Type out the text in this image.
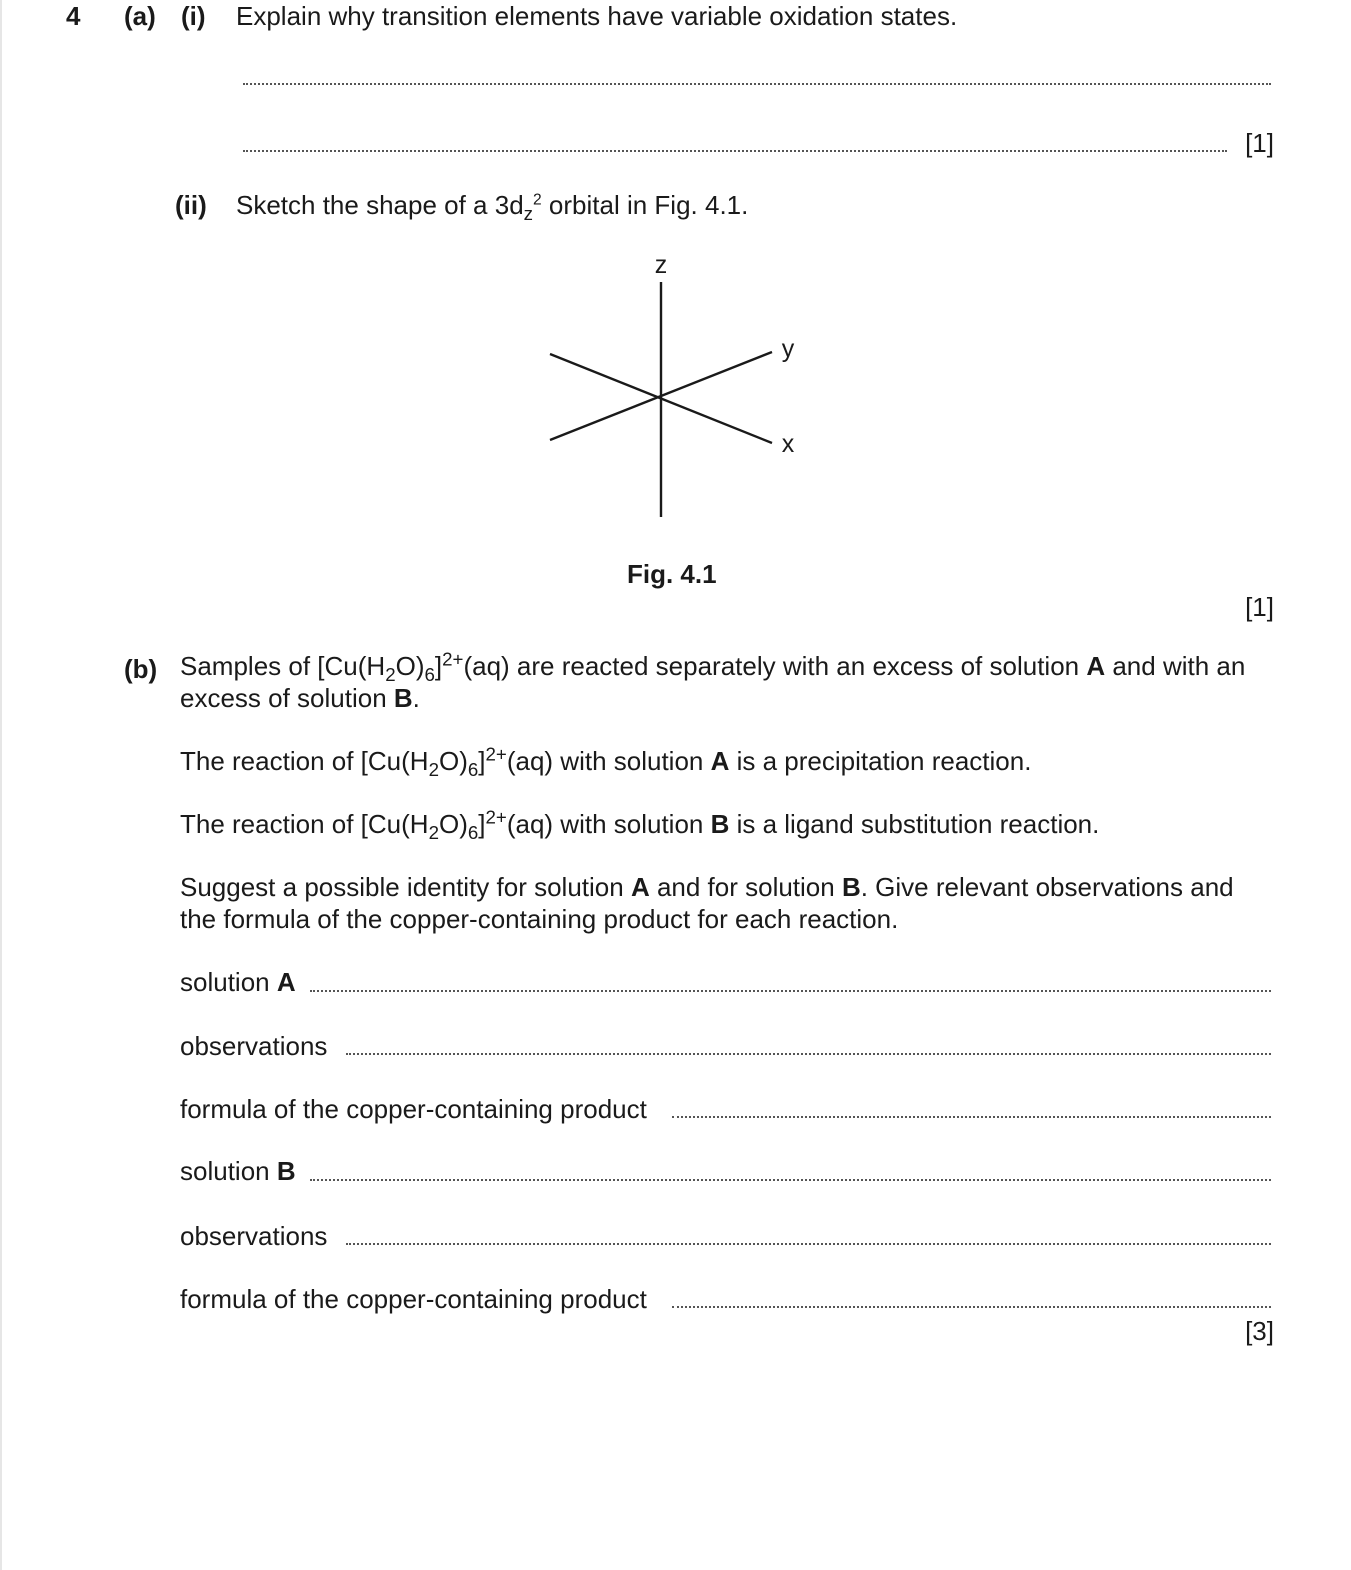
4 (a) (i) Explain why transition elements have variable oxidation states.
[1]
(ii) Sketch the shape of a $3d_z^2$ orbital in Fig. 4.1.
z
y
x
Fig. 4.1
[1]
(b) Samples of $[Cu(H_2O)_6]^{2+}(aq)$ are reacted separately with an excess of solution A and with an
excess of solution B.
The reaction of $[Cu(H_2O)_6]^{2+}(aq)$ with solution A is a precipitation reaction.
The reaction of $[Cu(H_2O)_6]^{2+}(aq)$ with solution B is a ligand substitution reaction.
Suggest a possible identity for solution A and for solution B. Give relevant observations and
the formula of the copper-containing product for each reaction.
solution A
observations
formula of the copper-containing product
solution B
observations
formula of the copper-containing product
[3]
